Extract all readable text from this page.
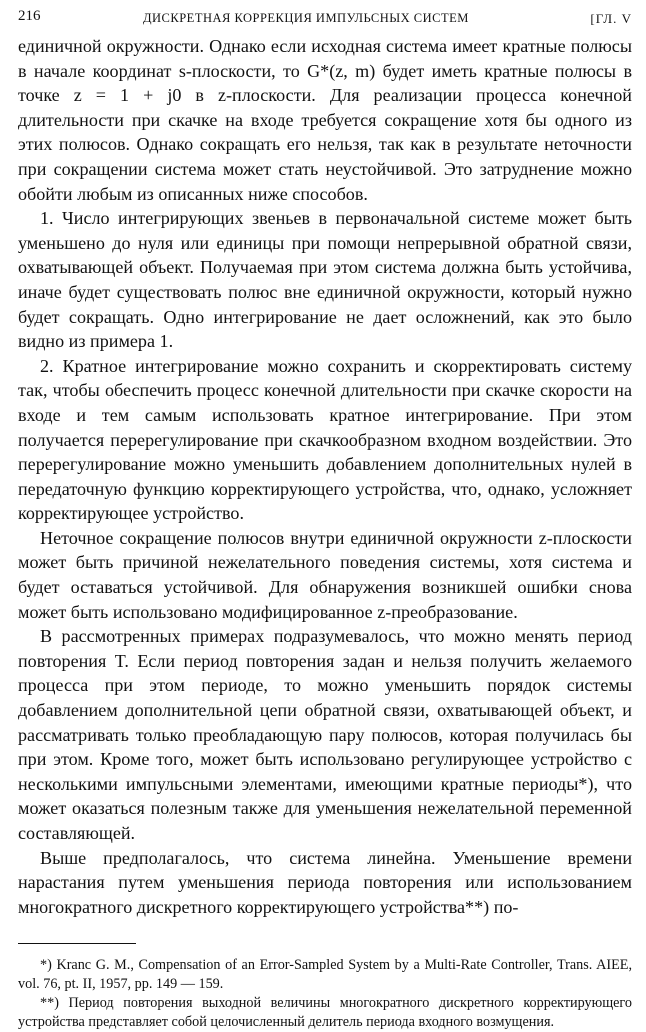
216	ДИСКРЕТНАЯ КОРРЕКЦИЯ ИМПУЛЬСНЫХ СИСТЕМ	[ГЛ. V

единичной окружности. Однако если исходная система имеет кратные полюсы в начале координат s-плоскости, то G*(z, m) будет иметь кратные полюсы в точке z = 1 + j0 в z-плоскости. Для реализации процесса конечной длительности при скачке на входе требуется сокращение хотя бы одного из этих полюсов. Однако сокращать его нельзя, так как в результате неточности при сокращении система может стать неустойчивой. Это затруднение можно обойти любым из описанных ниже способов.

1. Число интегрирующих звеньев в первоначальной системе может быть уменьшено до нуля или единицы при помощи непрерывной обратной связи, охватывающей объект. Получаемая при этом система должна быть устойчива, иначе будет существовать полюс вне единичной окружности, который нужно будет сокращать. Одно интегрирование не дает осложнений, как это было видно из примера 1.

2. Кратное интегрирование можно сохранить и скорректировать систему так, чтобы обеспечить процесс конечной длительности при скачке скорости на входе и тем самым использовать кратное интегрирование. При этом получается перерегулирование при скачкообразном входном воздействии. Это перерегулирование можно уменьшить добавлением дополнительных нулей в передаточную функцию корректирующего устройства, что, однако, усложняет корректирующее устройство.

Неточное сокращение полюсов внутри единичной окружности z-плоскости может быть причиной нежелательного поведения системы, хотя система и будет оставаться устойчивой. Для обнаружения возникшей ошибки снова может быть использовано модифицированное z-преобразование.

В рассмотренных примерах подразумевалось, что можно менять период повторения T. Если период повторения задан и нельзя получить желаемого процесса при этом периоде, то можно уменьшить порядок системы добавлением дополнительной цепи обратной связи, охватывающей объект, и рассматривать только преобладающую пару полюсов, которая получилась бы при этом. Кроме того, может быть использовано регулирующее устройство с несколькими импульсными элементами, имеющими кратные периоды*), что может оказаться полезным также для уменьшения нежелательной переменной составляющей.

Выше предполагалось, что система линейна. Уменьшение времени нарастания путем уменьшения периода повторения или использованием многократного дискретного корректирующего устройства**) по-

*) Kranc G. M., Compensation of an Error-Sampled System by a Multi-Rate Controller, Trans. AIEE, vol. 76, pt. II, 1957, pp. 149 — 159.

**) Период повторения выходной величины многократного дискретного корректирующего устройства представляет собой целочисленный делитель периода входного возмущения.
